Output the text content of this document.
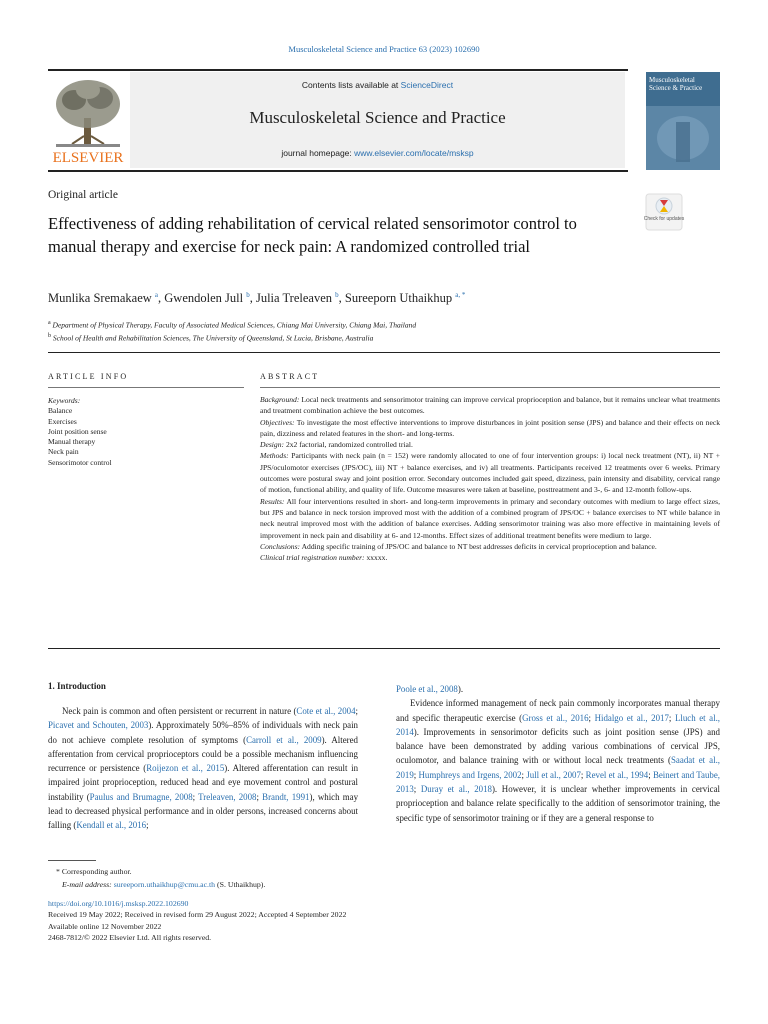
Musculoskeletal Science and Practice 63 (2023) 102690
ELSEVIER
Contents lists available at ScienceDirect
Musculoskeletal Science and Practice
journal homepage: www.elsevier.com/locate/msksp
Musculoskeletal Science & Practice
Original article
Effectiveness of adding rehabilitation of cervical related sensorimotor control to manual therapy and exercise for neck pain: A randomized controlled trial
Check for updates
Munlika Sremakaew $^a$, Gwendolen Jull $^b$, Julia Treleaven $^b$, Sureeporn Uthaikhup $^{a, *}$
$^a$ Department of Physical Therapy, Faculty of Associated Medical Sciences, Chiang Mai University, Chiang Mai, Thailand
$^b$ School of Health and Rehabilitation Sciences, The University of Queensland, St Lucia, Brisbane, Australia
ARTICLE INFO	ABSTRACT
Keywords:
Balance
Exercises
Joint position sense
Manual therapy
Neck pain
Sensorimotor control

Background: Local neck treatments and sensorimotor training can improve cervical proprioception and balance, but it remains unclear what treatments and treatment combination achieve the best outcomes.

Objectives: To investigate the most effective interventions to improve disturbances in joint position sense (JPS) and balance and their effects on neck pain, dizziness and related features in the short- and long-terms.

Design: 2x2 factorial, randomized controlled trial.

Methods: Participants with neck pain (n = 152) were randomly allocated to one of four intervention groups: i) local neck treatment (NT), ii) NT + JPS/oculomotor exercises (JPS/OC), iii) NT + balance exercises, and iv) all treatments. Participants received 12 treatments over 6 weeks. Primary outcomes were postural sway and joint position error. Secondary outcomes included gait speed, dizziness, pain intensity and disability, cervical range of motion, functional ability, and quality of life. Outcome measures were taken at baseline, posttreatment and 3-, 6- and 12-month follow-ups.

Results: All four interventions resulted in short- and long-term improvements in primary and secondary outcomes with medium to large effect sizes, but JPS and balance in neck torsion improved most with the addition of a combined program of JPS/OC + balance exercises to NT while balance in neck neutral improved most with the addition of balance exercises. Adding sensorimotor training was also more effective in maintaining levels of improvement in neck pain and disability at 6- and 12-months. Effect sizes of additional treatment benefits were medium to large.

Conclusions: Adding specific training of JPS/OC and balance to NT best addresses deficits in cervical proprioception and balance.

Clinical trial registration number: xxxxx.

1. Introduction

Neck pain is common and often persistent or recurrent in nature (Cote et al., 2004; Picavet and Schouten, 2003). Approximately 50%–85% of individuals with neck pain do not achieve complete resolution of symptoms (Carroll et al., 2009). Altered afferentation from cervical proprioceptors could be a possible mechanism influencing recurrence or persistence (Roijezon et al., 2015). Altered afferentation can result in impaired joint proprioception, reduced head and eye movement control and postural instability (Paulus and Brumagne, 2008; Treleaven, 2008; Brandt, 1991), which may lead to decreased physical performance and in older persons, increased concerns about falling (Kendall et al., 2016;

Poole et al., 2008).

Evidence informed management of neck pain commonly incorporates manual therapy and specific therapeutic exercise (Gross et al., 2016; Hidalgo et al., 2017; Lluch et al., 2014). Improvements in sensorimotor deficits such as joint position sense (JPS) and balance have been demonstrated by adding various combinations of cervical JPS, oculomotor, and balance training with or without local neck treatments (Saadat et al., 2019; Humphreys and Irgens, 2002; Jull et al., 2007; Revel et al., 1994; Beinert and Taube, 2013; Duray et al., 2018). However, it is unclear whether improvements in cervical proprioception and balance relate specifically to the addition of sensorimotor training, the specific type of sensorimotor training or if they are a general response to

* Corresponding author.
E-mail address: sureeporn.uthaikhup@cmu.ac.th (S. Uthaikhup).
https://doi.org/10.1016/j.msksp.2022.102690
Received 19 May 2022; Received in revised form 29 August 2022; Accepted 4 September 2022
Available online 12 November 2022
2468-7812/© 2022 Elsevier Ltd. All rights reserved.
